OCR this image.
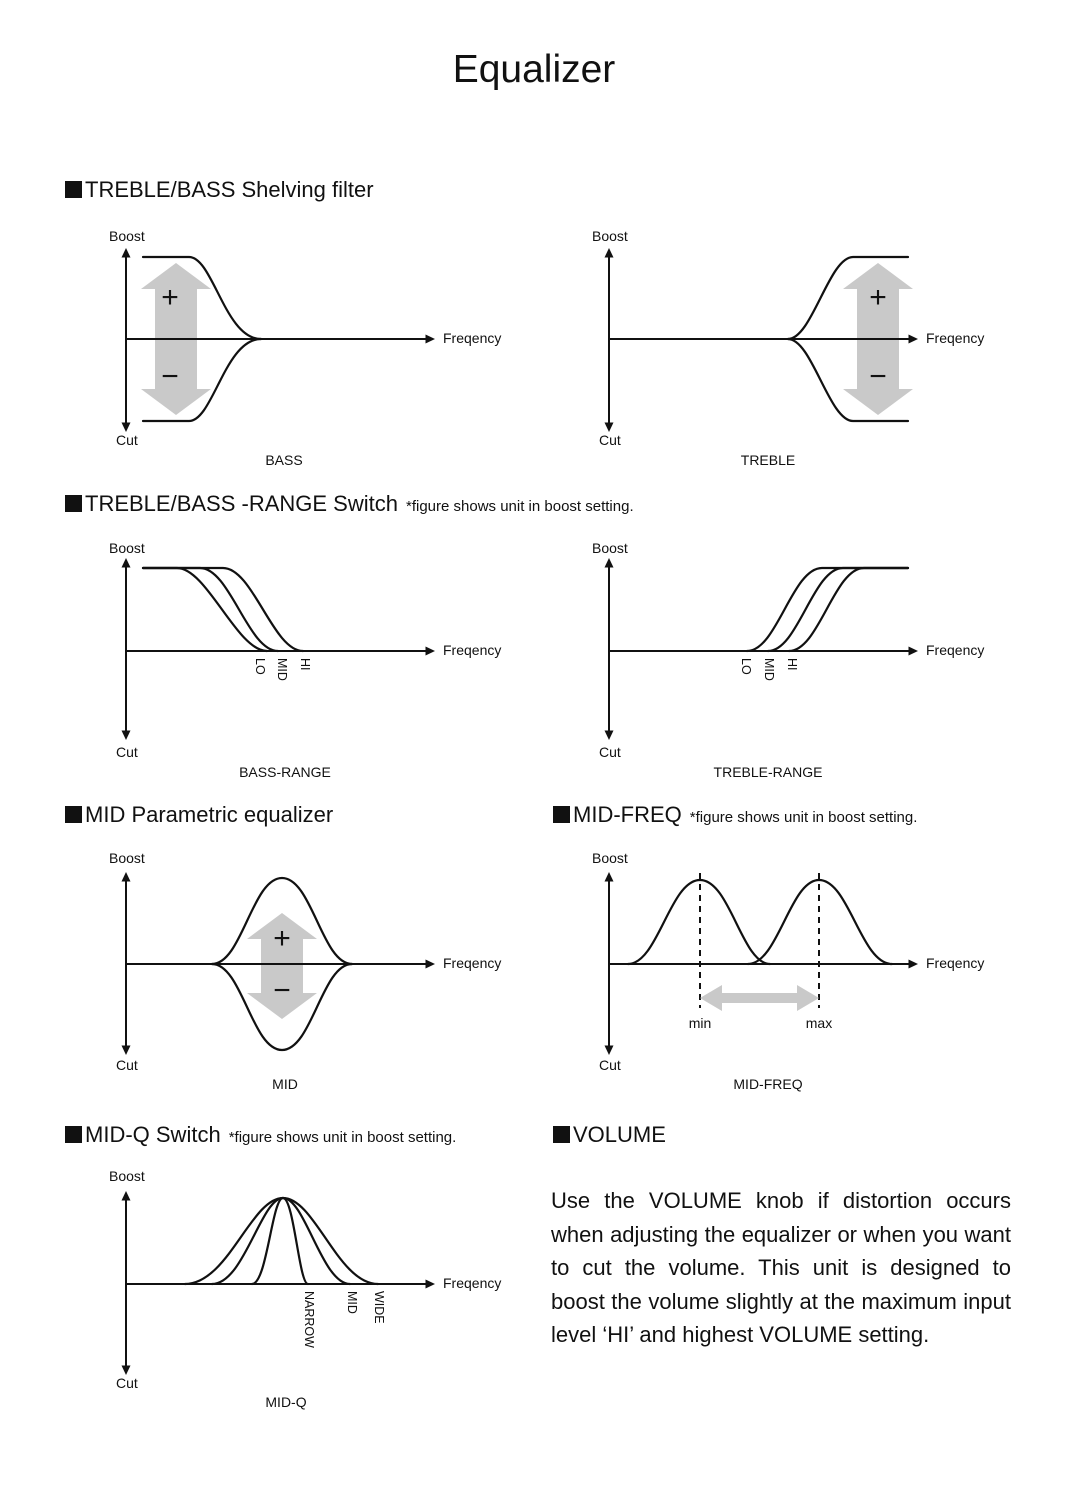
Equalizer
TREBLE/BASS Shelving filter
Boost
Cut
Freqency
+
−
BASS
Boost
Cut
Freqency
+
−
TREBLE
TREBLE/BASS -RANGE Switch *figure shows unit in boost setting.
Boost
Cut
Freqency
LO MID HI
BASS-RANGE
Boost
Cut
Freqency
LO MID HI
TREBLE-RANGE
MID Parametric equalizer	MID-FREQ *figure shows unit in boost setting.
Boost
Cut
Freqency
+
−
MID
Boost
Cut
Freqency
min	max
MID-FREQ
MID-Q Switch *figure shows unit in boost setting.	VOLUME
Boost
Cut
Freqency
NARROW MID WIDE
MID-Q
Use the VOLUME knob if distortion occurs when adjusting the equalizer or when you want to cut the volume. This unit is designed to boost the volume slightly at the maximum input level ‘HI’ and highest VOLUME setting.
